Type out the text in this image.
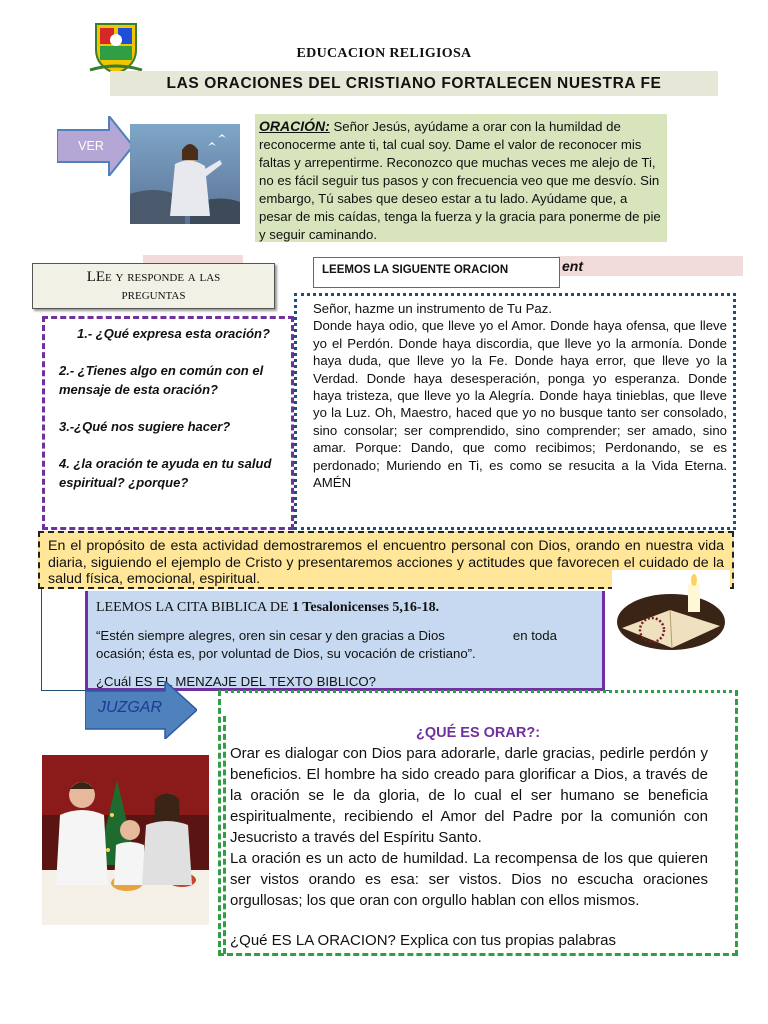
EDUCACION RELIGIOSA
LAS ORACIONES DEL CRISTIANO FORTALECEN NUESTRA FE
VER
ORACIÓN: Señor Jesús, ayúdame a orar con la humildad de reconocerme ante ti, tal cual soy. Dame el valor de reconocer mis faltas y arrepentirme. Reconozco que muchas veces me alejo de Ti, no es fácil seguir tus pasos y con frecuencia veo que me desvío. Sin embargo, Tú sabes que deseo estar a tu lado. Ayúdame que, a pesar de mis caídas, tenga la fuerza y la gracia para ponerme de pie y seguir caminando.
ent
LEEMOS LA SIGUENTE ORACION
LEe y responde a las
preguntas
1.- ¿Qué expresa esta oración?
2.- ¿Tienes algo en común con el mensaje de esta oración?
3.-¿Qué nos sugiere hacer?
4. ¿la oración te ayuda en tu salud espiritual? ¿porque?
Señor, hazme un instrumento de Tu Paz.
Donde haya odio, que lleve yo el Amor. Donde haya ofensa, que lleve yo el Perdón. Donde haya discordia, que lleve yo la armonía. Donde haya duda, que lleve yo la Fe. Donde haya error, que lleve yo la Verdad. Donde haya desesperación, ponga yo esperanza. Donde haya tristeza, que lleve yo la Alegría. Donde haya tinieblas, que lleve yo la Luz. Oh, Maestro, haced que yo no busque tanto ser consolado, sino consolar; ser comprendido, sino comprender; ser amado, sino amar. Porque: Dando, que como recibimos; Perdonando, se es perdonado; Muriendo en Ti, es como se resucita a la Vida Eterna. AMÉN
En el propósito de esta actividad demostraremos el encuentro personal con Dios, orando en nuestra vida diaria, siguiendo el ejemplo de Cristo y presentaremos acciones y actitudes que favorecen el cuidado de la salud física, emocional, espiritual.
LEEMOS LA CITA BIBLICA DE 1 Tesalonicenses 5,16-18.
“Estén siempre alegres, oren sin cesar y den gracias a Dios	en toda ocasión; ésta es, por voluntad de Dios, su vocación de cristiano”.
¿Cuál ES EL MENZAJE DEL TEXTO BIBLICO?
JUZGAR
¿QUÉ ES ORAR?:
Orar es dialogar con Dios para adorarle, darle gracias, pedirle perdón y beneficios. El hombre ha sido creado para glorificar a Dios, a través de la oración se le da gloria, de lo cual el ser humano se beneficia espiritualmente, recibiendo el Amor del Padre por la comunión con Jesucristo a través del Espíritu Santo.
La oración es un acto de humildad. La recompensa de los que quieren ser vistos orando es esa: ser vistos. Dios no escucha oraciones orgullosas; los que oran con orgullo hablan con ellos mismos.
¿Qué ES LA ORACION? Explica con tus propias palabras
